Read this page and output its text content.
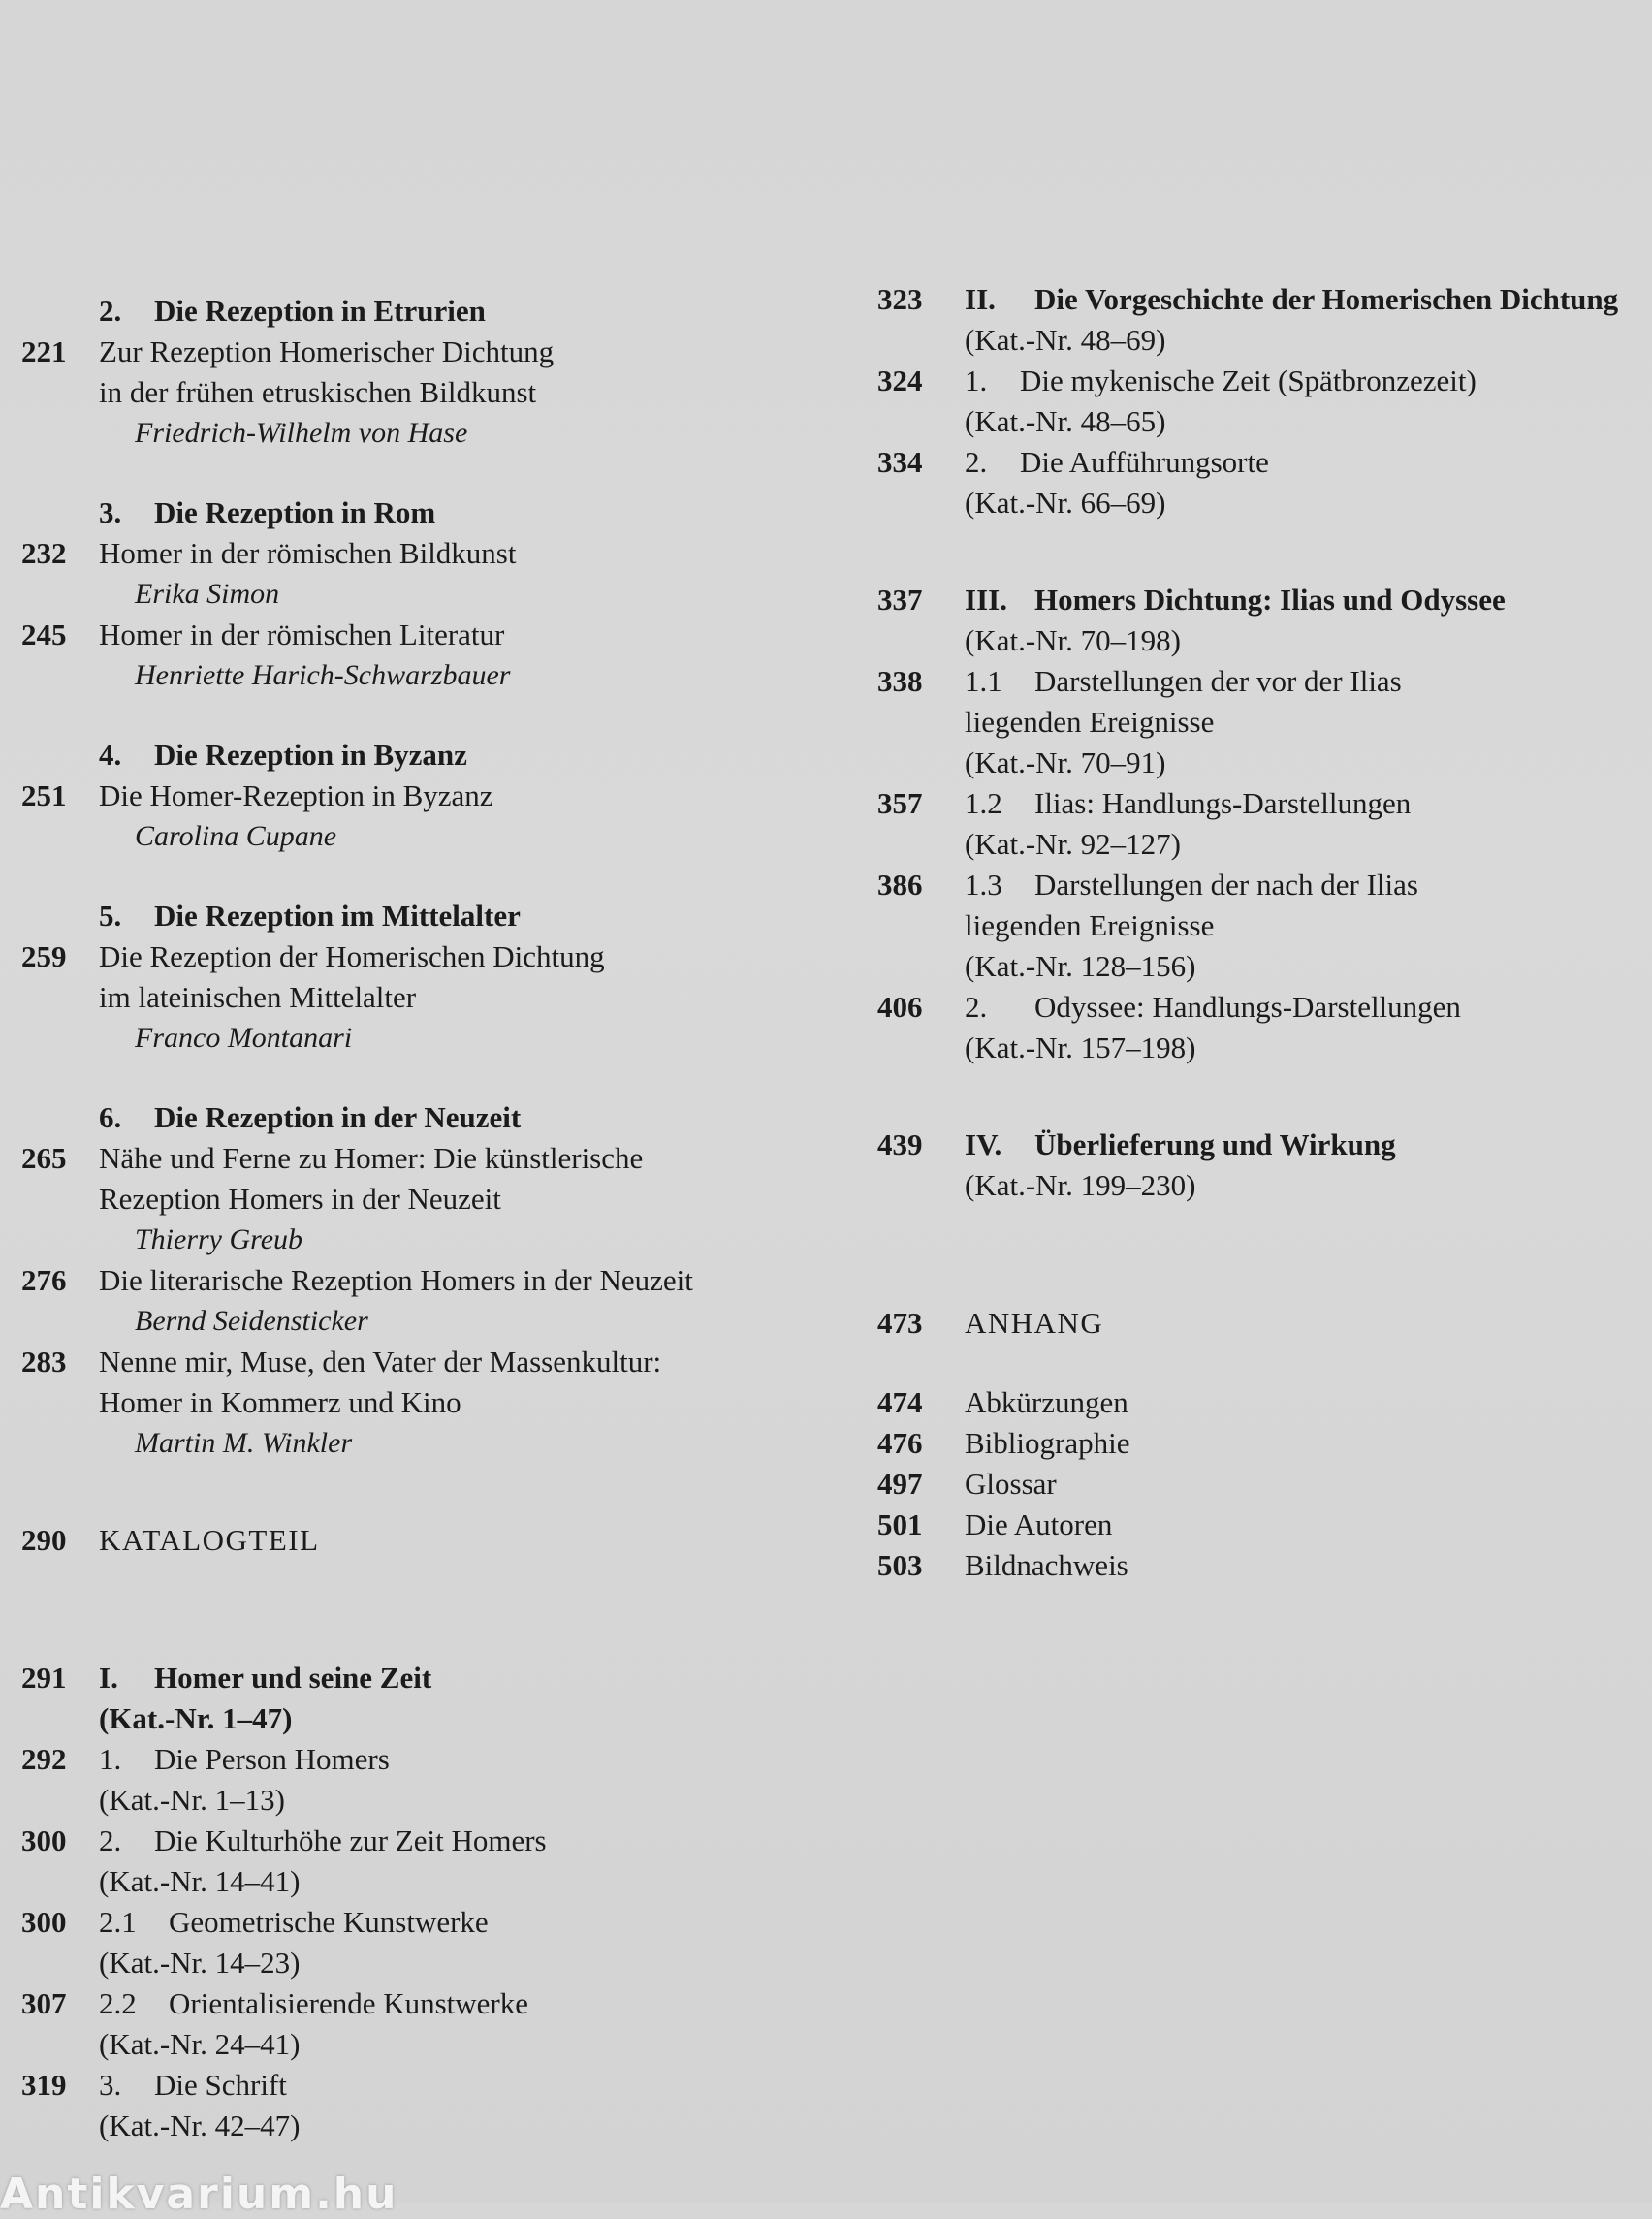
2. Die Rezeption in Etrurien
221	Zur Rezeption Homerischer Dichtung
in der frühen etruskischen Bildkunst
Friedrich-Wilhelm von Hase
3. Die Rezeption in Rom
232	Homer in der römischen Bildkunst
Erika Simon
245	Homer in der römischen Literatur
Henriette Harich-Schwarzbauer
4. Die Rezeption in Byzanz
251	Die Homer-Rezeption in Byzanz
Carolina Cupane
5. Die Rezeption im Mittelalter
259	Die Rezeption der Homerischen Dichtung
im lateinischen Mittelalter
Franco Montanari
6. Die Rezeption in der Neuzeit
265	Nähe und Ferne zu Homer: Die künstlerische
Rezeption Homers in der Neuzeit
Thierry Greub
276	Die literarische Rezeption Homers in der Neuzeit
Bernd Seidensticker
283	Nenne mir, Muse, den Vater der Massenkultur:
Homer in Kommerz und Kino
Martin M. Winkler
290	KATALOGTEIL
291	I. Homer und seine Zeit
(Kat.-Nr. 1–47)
292	1. Die Person Homers
(Kat.-Nr. 1–13)
300	2. Die Kulturhöhe zur Zeit Homers
(Kat.-Nr. 14–41)
300	2.1 Geometrische Kunstwerke
(Kat.-Nr. 14–23)
307	2.2 Orientalisierende Kunstwerke
(Kat.-Nr. 24–41)
319	3. Die Schrift
(Kat.-Nr. 42–47)
323	II. Die Vorgeschichte der Homerischen Dichtung
(Kat.-Nr. 48–69)
324	1. Die mykenische Zeit (Spätbronzezeit)
(Kat.-Nr. 48–65)
334	2. Die Aufführungsorte
(Kat.-Nr. 66–69)
337	III. Homers Dichtung: Ilias und Odyssee
(Kat.-Nr. 70–198)
338	1.1 Darstellungen der vor der Ilias
liegenden Ereignisse
(Kat.-Nr. 70–91)
357	1.2 Ilias: Handlungs-Darstellungen
(Kat.-Nr. 92–127)
386	1.3 Darstellungen der nach der Ilias
liegenden Ereignisse
(Kat.-Nr. 128–156)
406	2. Odyssee: Handlungs-Darstellungen
(Kat.-Nr. 157–198)
439	IV. Überlieferung und Wirkung
(Kat.-Nr. 199–230)
473	ANHANG
474	Abkürzungen
476	Bibliographie
497	Glossar
501	Die Autoren
503	Bildnachweis
Antikvarium.hu
